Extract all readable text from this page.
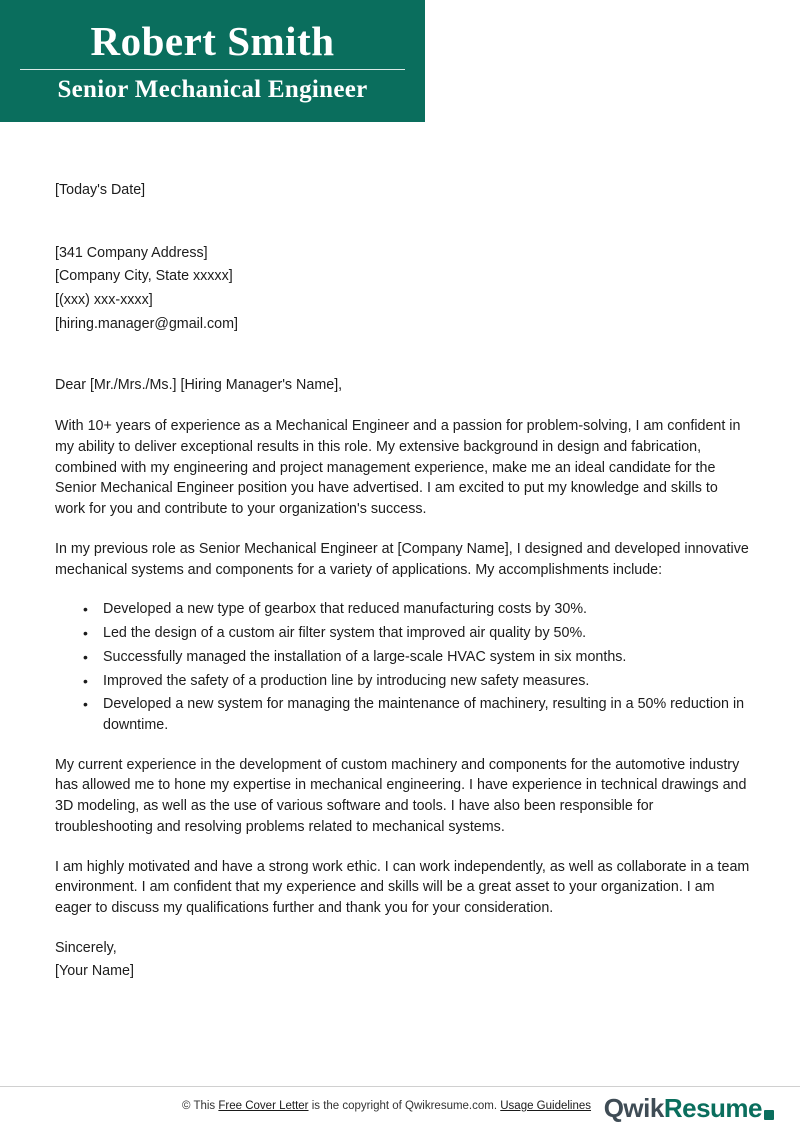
Robert Smith
Senior Mechanical Engineer
[Today's Date]
[341 Company Address]
[Company City, State xxxxx]
[(xxx) xxx-xxxx]
[hiring.manager@gmail.com]
Dear [Mr./Mrs./Ms.] [Hiring Manager's Name],

With 10+ years of experience as a Mechanical Engineer and a passion for problem-solving, I am confident in my ability to deliver exceptional results in this role. My extensive background in design and fabrication, combined with my engineering and project management experience, make me an ideal candidate for the Senior Mechanical Engineer position you have advertised. I am excited to put my knowledge and skills to work for you and contribute to your organization's success.

In my previous role as Senior Mechanical Engineer at [Company Name], I designed and developed innovative mechanical systems and components for a variety of applications. My accomplishments include:

• Developed a new type of gearbox that reduced manufacturing costs by 30%.
• Led the design of a custom air filter system that improved air quality by 50%.
• Successfully managed the installation of a large-scale HVAC system in six months.
• Improved the safety of a production line by introducing new safety measures.
• Developed a new system for managing the maintenance of machinery, resulting in a 50% reduction in downtime.

My current experience in the development of custom machinery and components for the automotive industry has allowed me to hone my expertise in mechanical engineering. I have experience in technical drawings and 3D modeling, as well as the use of various software and tools. I have also been responsible for troubleshooting and resolving problems related to mechanical systems.

I am highly motivated and have a strong work ethic. I can work independently, as well as collaborate in a team environment. I am confident that my experience and skills will be a great asset to your organization. I am eager to discuss my qualifications further and thank you for your consideration.

Sincerely,
[Your Name]
© This Free Cover Letter is the copyright of Qwikresume.com. Usage Guidelines Qwik Resume
